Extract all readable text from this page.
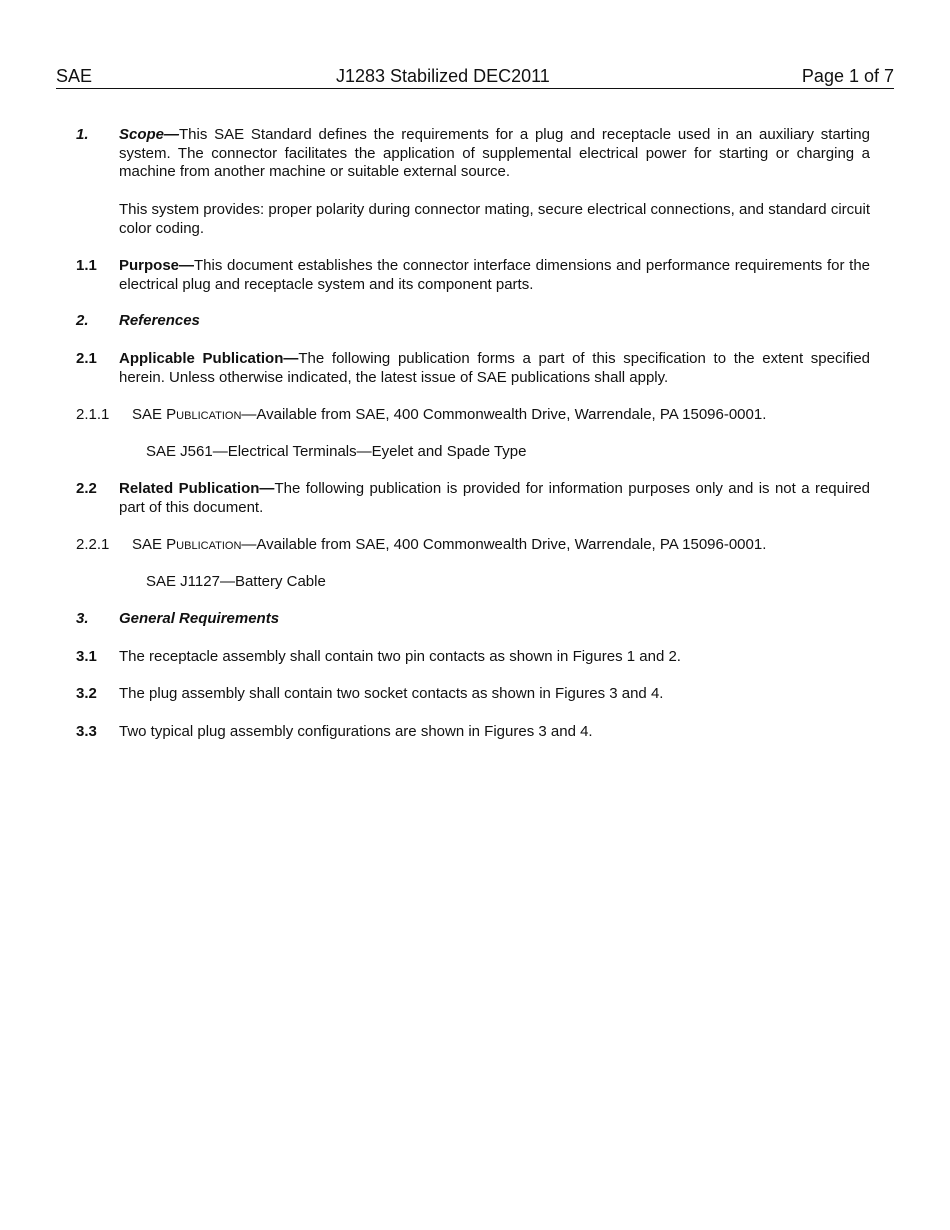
SAE	J1283 Stabilized DEC2011	Page 1 of 7
1. Scope—This SAE Standard defines the requirements for a plug and receptacle used in an auxiliary starting system. The connector facilitates the application of supplemental electrical power for starting or charging a machine from another machine or suitable external source.
This system provides: proper polarity during connector mating, secure electrical connections, and standard circuit color coding.
1.1 Purpose—This document establishes the connector interface dimensions and performance requirements for the electrical plug and receptacle system and its component parts.
2. References
2.1 Applicable Publication—The following publication forms a part of this specification to the extent specified herein. Unless otherwise indicated, the latest issue of SAE publications shall apply.
2.1.1 SAE Publication—Available from SAE, 400 Commonwealth Drive, Warrendale, PA 15096-0001.
SAE J561—Electrical Terminals—Eyelet and Spade Type
2.2 Related Publication—The following publication is provided for information purposes only and is not a required part of this document.
2.2.1 SAE Publication—Available from SAE, 400 Commonwealth Drive, Warrendale, PA 15096-0001.
SAE J1127—Battery Cable
3. General Requirements
3.1 The receptacle assembly shall contain two pin contacts as shown in Figures 1 and 2.
3.2 The plug assembly shall contain two socket contacts as shown in Figures 3 and 4.
3.3 Two typical plug assembly configurations are shown in Figures 3 and 4.
